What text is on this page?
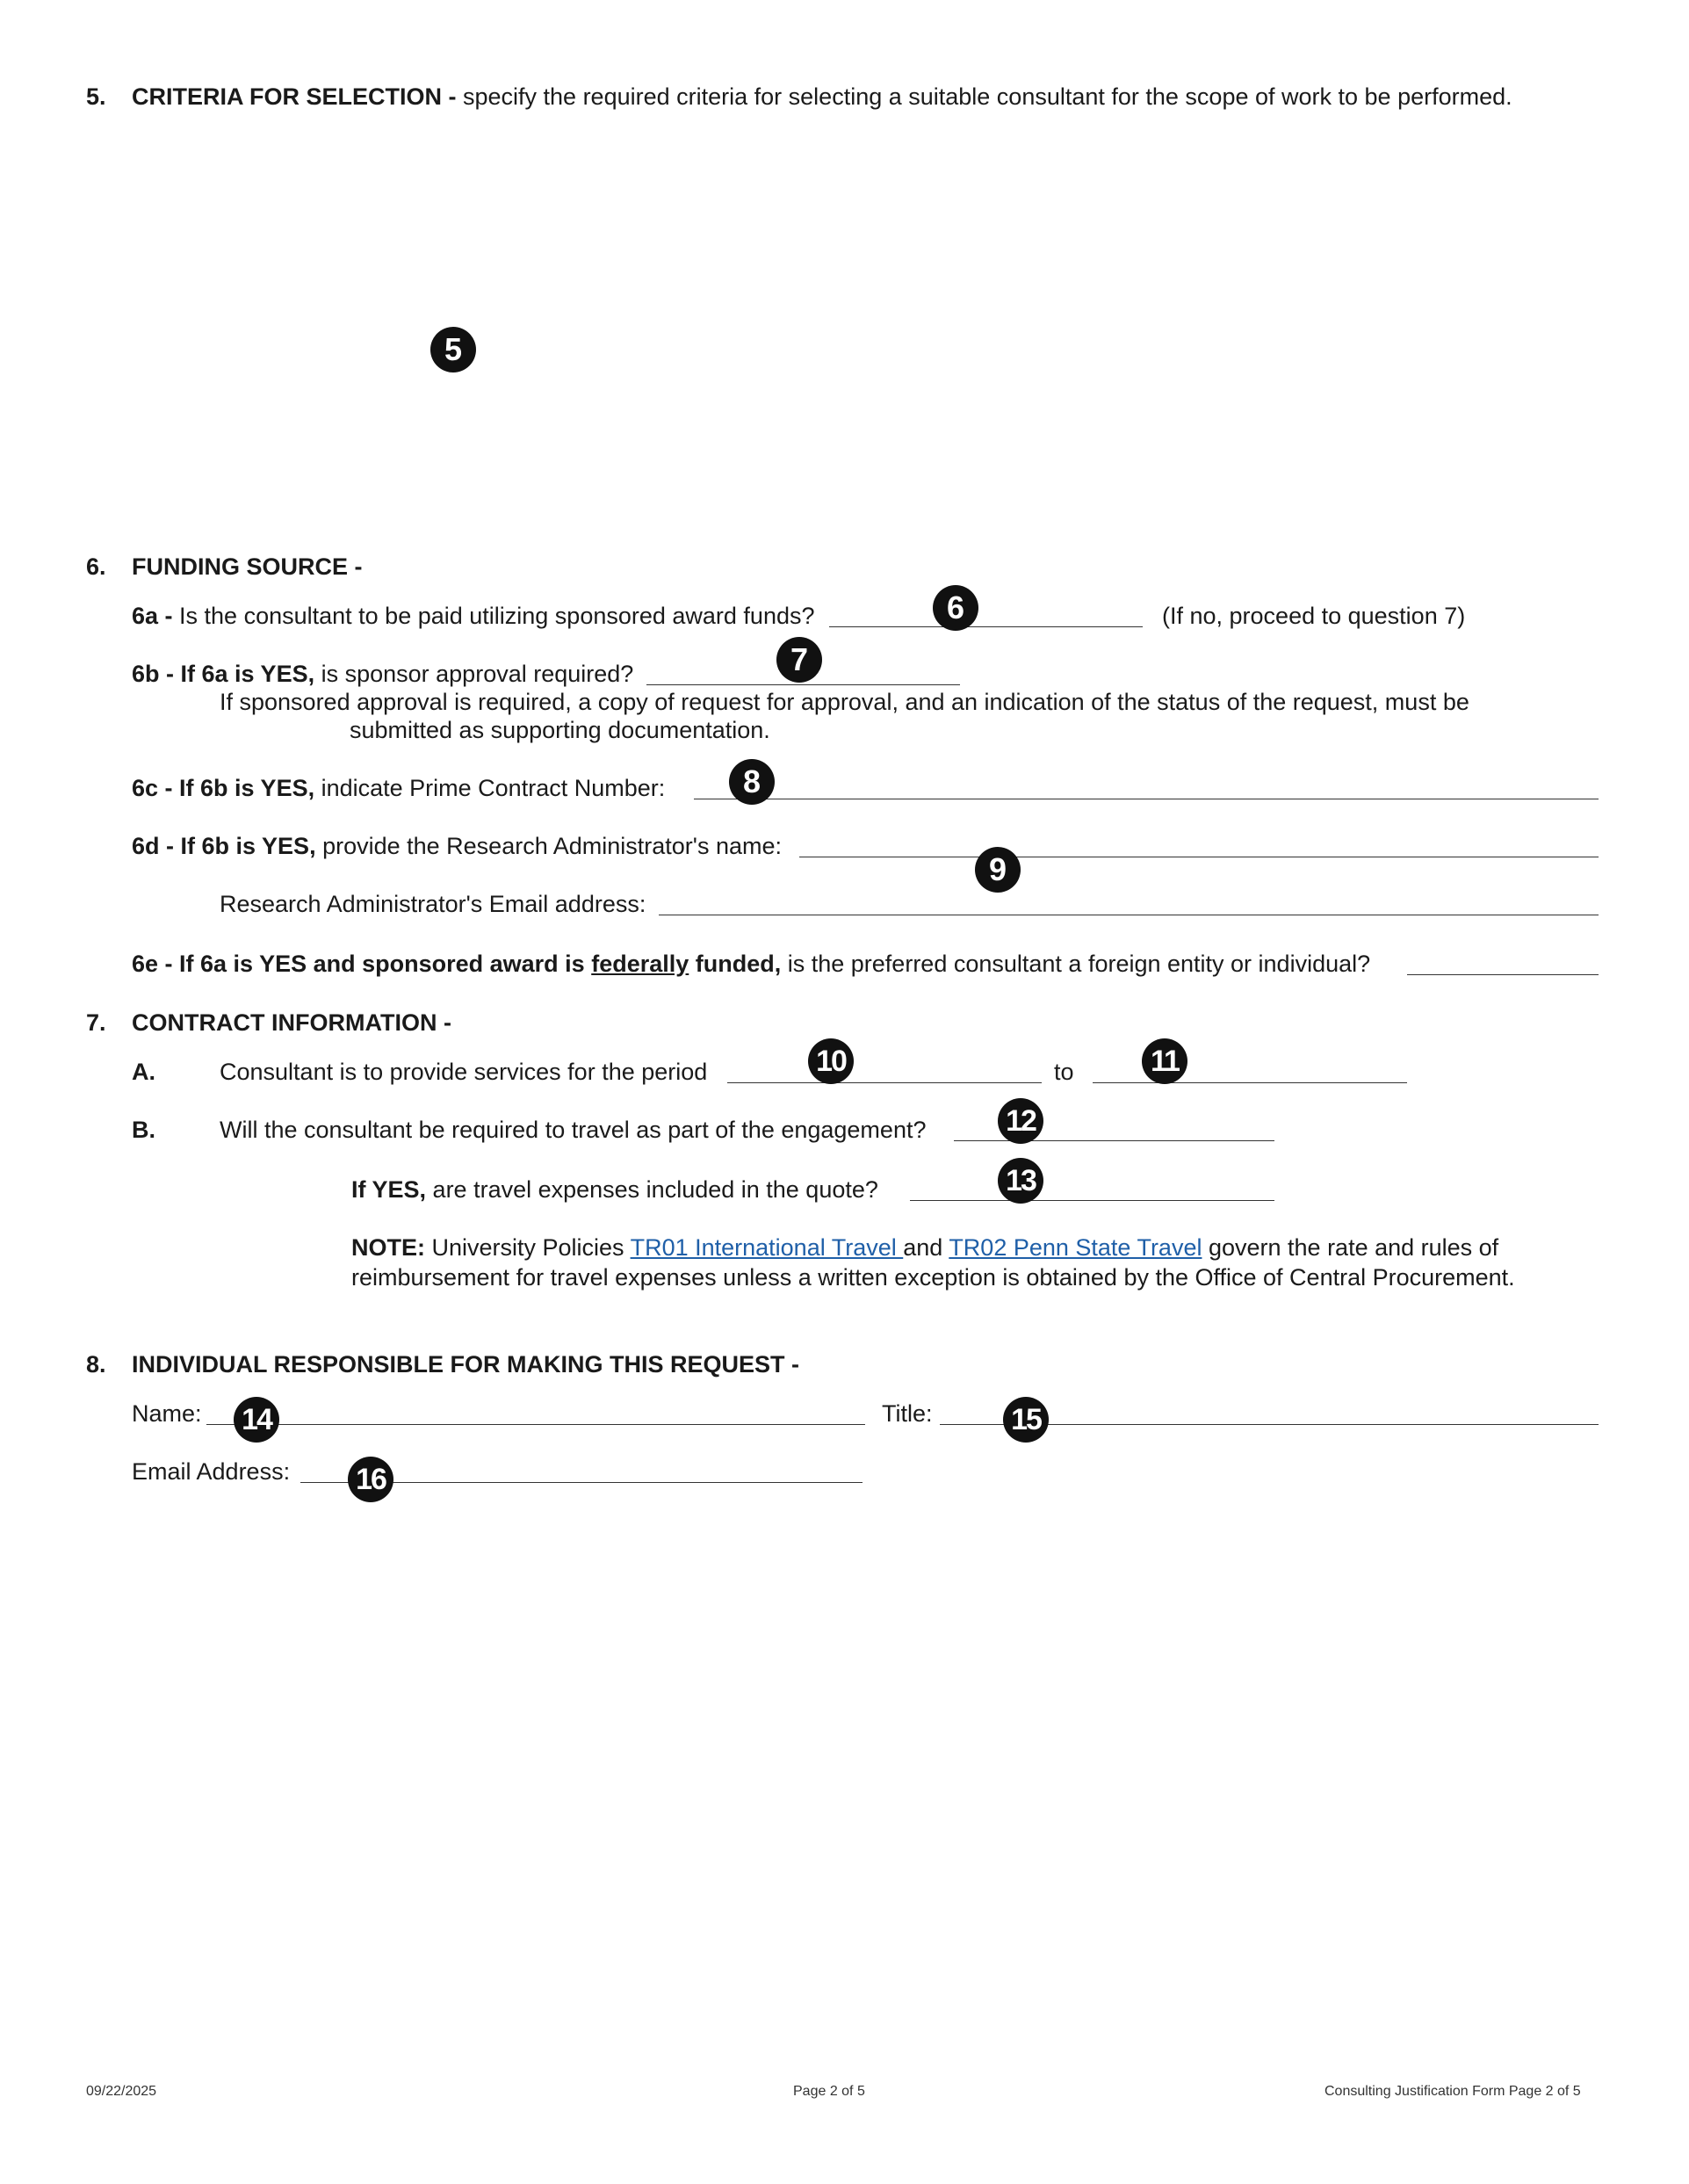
5. CRITERIA FOR SELECTION - specify the required criteria for selecting a suitable consultant for the scope of work to be performed.
5
6. FUNDING SOURCE -
6a - Is the consultant to be paid utilizing sponsored award funds?	6	(If no, proceed to question 7)
6b - If 6a is YES, is sponsor approval required?	7
If sponsored approval is required, a copy of request for approval, and an indication of the status of the request, must be
submitted as supporting documentation.
6c - If 6b is YES, indicate Prime Contract Number:	8
6d - If 6b is YES, provide the Research Administrator's name:
9
Research Administrator's Email address:
6e - If 6a is YES and sponsored award is federally funded, is the preferred consultant a foreign entity or individual?
7. CONTRACT INFORMATION -
A.	Consultant is to provide services for the period	10	to	11
B.	Will the consultant be required to travel as part of the engagement?	12
If YES, are travel expenses included in the quote?	13
NOTE: University Policies TR01 International Travel and TR02 Penn State Travel govern the rate and rules of
reimbursement for travel expenses unless a written exception is obtained by the Office of Central Procurement.
8. INDIVIDUAL RESPONSIBLE FOR MAKING THIS REQUEST -
Name: 14	Title:	15
Email Address: 16
09/22/2025	Page 2 of 5	Consulting Justification Form Page 2 of 5
